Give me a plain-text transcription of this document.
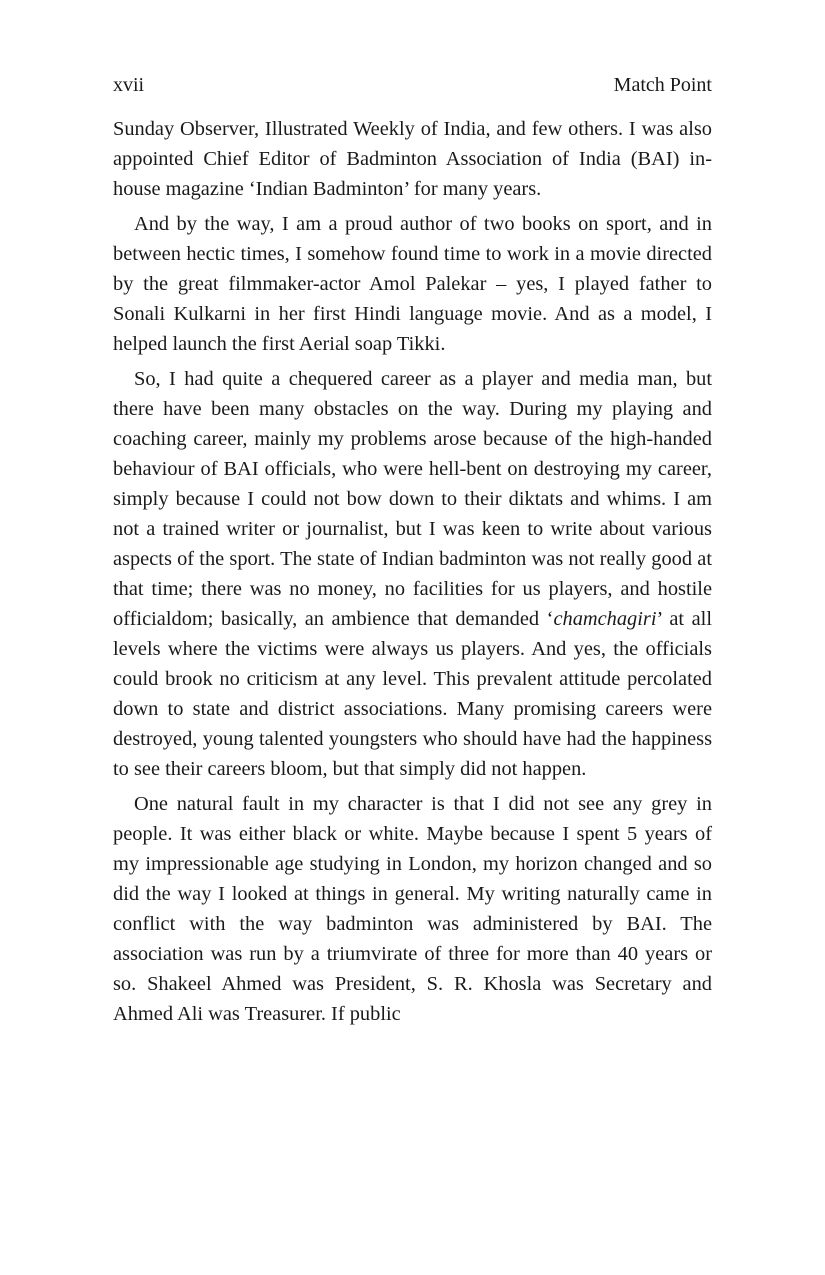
xvii	Match Point

Sunday Observer, Illustrated Weekly of India, and few others. I was also appointed Chief Editor of Badminton Association of India (BAI) in-house magazine ‘Indian Badminton’ for many years.

And by the way, I am a proud author of two books on sport, and in between hectic times, I somehow found time to work in a movie directed by the great filmmaker-actor Amol Palekar – yes, I played father to Sonali Kulkarni in her first Hindi language movie. And as a model, I helped launch the first Aerial soap Tikki.

So, I had quite a chequered career as a player and media man, but there have been many obstacles on the way. During my playing and coaching career, mainly my problems arose because of the high-handed behaviour of BAI officials, who were hell-bent on destroying my career, simply because I could not bow down to their diktats and whims. I am not a trained writer or journalist, but I was keen to write about various aspects of the sport. The state of Indian badminton was not really good at that time; there was no money, no facilities for us players, and hostile officialdom; basically, an ambience that demanded ‘chamchagiri’ at all levels where the victims were always us players. And yes, the officials could brook no criticism at any level. This prevalent attitude percolated down to state and district associations. Many promising careers were destroyed, young talented youngsters who should have had the happiness to see their careers bloom, but that simply did not happen.

One natural fault in my character is that I did not see any grey in people. It was either black or white. Maybe because I spent 5 years of my impressionable age studying in London, my horizon changed and so did the way I looked at things in general. My writing naturally came in conflict with the way badminton was administered by BAI. The association was run by a triumvirate of three for more than 40 years or so. Shakeel Ahmed was President, S. R. Khosla was Secretary and Ahmed Ali was Treasurer. If public
